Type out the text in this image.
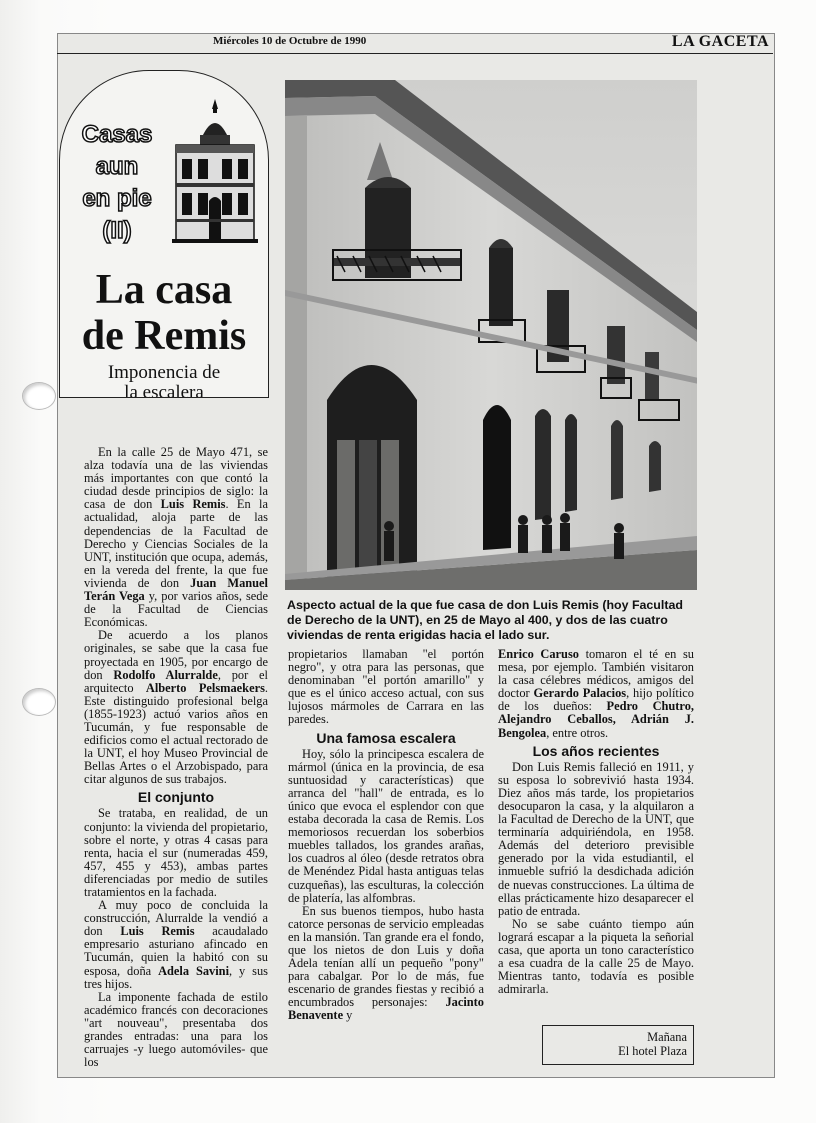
Miércoles 10 de Octubre de 1990	LA GACETA
Casas
aun
en pie
(II)
La casa
de Remis
Imponencia de
la escalera
Aspecto actual de la que fue casa de don Luis Remis (hoy Facultad de Derecho de la UNT), en 25 de Mayo al 400, y dos de las cuatro viviendas de renta erigidas hacia el lado sur.

En la calle 25 de Mayo 471, se alza todavía una de las viviendas más importantes con que contó la ciudad desde principios de siglo: la casa de don Luis Remis. En la actualidad, aloja parte de las dependencias de la Facultad de Derecho y Ciencias Sociales de la UNT, institución que ocupa, además, en la vereda del frente, la que fue vivienda de don Juan Manuel Terán Vega y, por varios años, sede de la Facultad de Ciencias Económicas.

De acuerdo a los planos originales, se sabe que la casa fue proyectada en 1905, por encargo de don Rodolfo Alurralde, por el arquitecto Alberto Pelsmaekers. Este distinguido profesional belga (1855-1923) actuó varios años en Tucumán, y fue responsable de edificios como el actual rectorado de la UNT, el hoy Museo Provincial de Bellas Artes o el Arzobispado, para citar algunos de sus trabajos.

El conjunto

Se trataba, en realidad, de un conjunto: la vivienda del propietario, sobre el norte, y otras 4 casas para renta, hacia el sur (numeradas 459, 457, 455 y 453), ambas partes diferenciadas por medio de sutiles tratamientos en la fachada.

A muy poco de concluida la construcción, Alurralde la vendió a don Luis Remis acaudalado empresario asturiano afincado en Tucumán, quien la habitó con su esposa, doña Adela Savini, y sus tres hijos.

La imponente fachada de estilo académico francés con decoraciones "art nouveau", presentaba dos grandes entradas: una para los carruajes -y luego automóviles- que los

propietarios llamaban "el portón negro", y otra para las personas, que denominaban "el portón amarillo" y que es el único acceso actual, con sus lujosos mármoles de Carrara en las paredes.

Una famosa escalera

Hoy, sólo la principesca escalera de mármol (única en la provincia, de esa suntuosidad y características) que arranca del "hall" de entrada, es lo único que evoca el esplendor con que estaba decorada la casa de Remis. Los memoriosos recuerdan los soberbios muebles tallados, los grandes arañas, los cuadros al óleo (desde retratos obra de Menéndez Pidal hasta antiguas telas cuzqueñas), las esculturas, la colección de platería, las alfombras.

En sus buenos tiempos, hubo hasta catorce personas de servicio empleadas en la mansión. Tan grande era el fondo, que los nietos de don Luis y doña Adela tenían allí un pequeño "pony" para cabalgar. Por lo de más, fue escenario de grandes fiestas y recibió a encumbrados personajes: Jacinto Benavente y

Enrico Caruso tomaron el té en su mesa, por ejemplo. También visitaron la casa célebres médicos, amigos del doctor Gerardo Palacios, hijo político de los dueños: Pedro Chutro, Alejandro Ceballos, Adrián J. Bengolea, entre otros.

Los años recientes

Don Luis Remis falleció en 1911, y su esposa lo sobrevivió hasta 1934. Diez años más tarde, los propietarios desocuparon la casa, y la alquilaron a la Facultad de Derecho de la UNT, que terminaría adquiriéndola, en 1958. Además del deterioro previsible generado por la vida estudiantil, el inmueble sufrió la desdichada adición de nuevas construcciones. La última de ellas prácticamente hizo desaparecer el patio de entrada.

No se sabe cuánto tiempo aún logrará escapar a la piqueta la señorial casa, que aporta un tono característico a esa cuadra de la calle 25 de Mayo. Mientras tanto, todavía es posible admirarla.

Mañana
El hotel Plaza
